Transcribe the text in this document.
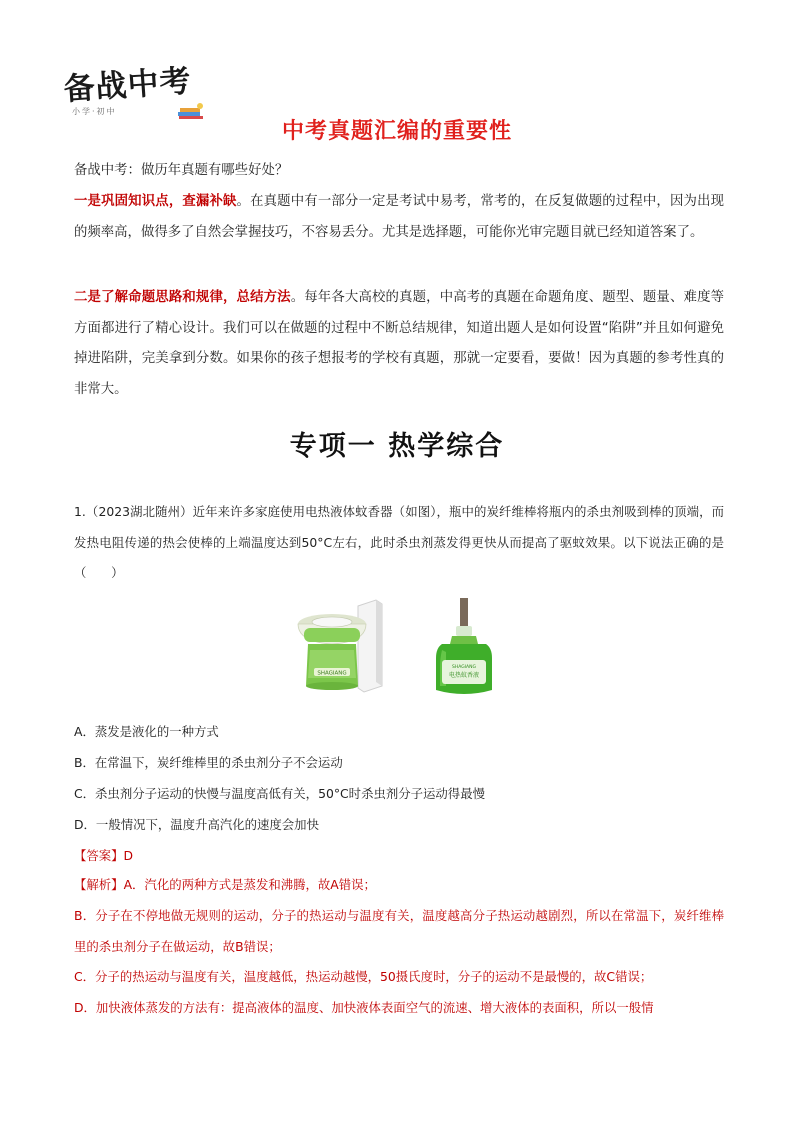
备战中考
小学·初中
中考真题汇编的重要性
备战中考：做历年真题有哪些好处？
一是巩固知识点，查漏补缺。在真题中有一部分一定是考试中易考，常考的，在反复做题的过程中，因为出现的频率高，做得多了自然会掌握技巧，不容易丢分。尤其是选择题，可能你光审完题目就已经知道答案了。
二是了解命题思路和规律，总结方法。每年各大高校的真题，中高考的真题在命题角度、题型、题量、难度等方面都进行了精心设计。我们可以在做题的过程中不断总结规律，知道出题人是如何设置“陷阱”并且如何避免掉进陷阱，完美拿到分数。如果你的孩子想报考的学校有真题，那就一定要看，要做！因为真题的参考性真的非常大。
专项一 热学综合
1.（2023湖北随州）近年来许多家庭使用电热液体蚊香器（如图），瓶中的炭纤维棒将瓶内的杀虫剂吸到棒的顶端，而发热电阻传递的热会使棒的上端温度达到50°C左右，此时杀虫剂蒸发得更快从而提高了驱蚊效果。以下说法正确的是（　　）
SHAGIANG
SHAGIANG
电热蚊香液
A．蒸发是液化的一种方式
B．在常温下，炭纤维棒里的杀虫剂分子不会运动
C．杀虫剂分子运动的快慢与温度高低有关，50°C时杀虫剂分子运动得最慢
D．一般情况下，温度升高汽化的速度会加快
【答案】D
【解析】A．汽化的两种方式是蒸发和沸腾，故A错误；
B．分子在不停地做无规则的运动，分子的热运动与温度有关，温度越高分子热运动越剧烈，所以在常温下，炭纤维棒里的杀虫剂分子在做运动，故B错误；
C．分子的热运动与温度有关，温度越低，热运动越慢，50摄氏度时，分子的运动不是最慢的，故C错误；
D．加快液体蒸发的方法有：提高液体的温度、加快液体表面空气的流速、增大液体的表面积，所以一般情
